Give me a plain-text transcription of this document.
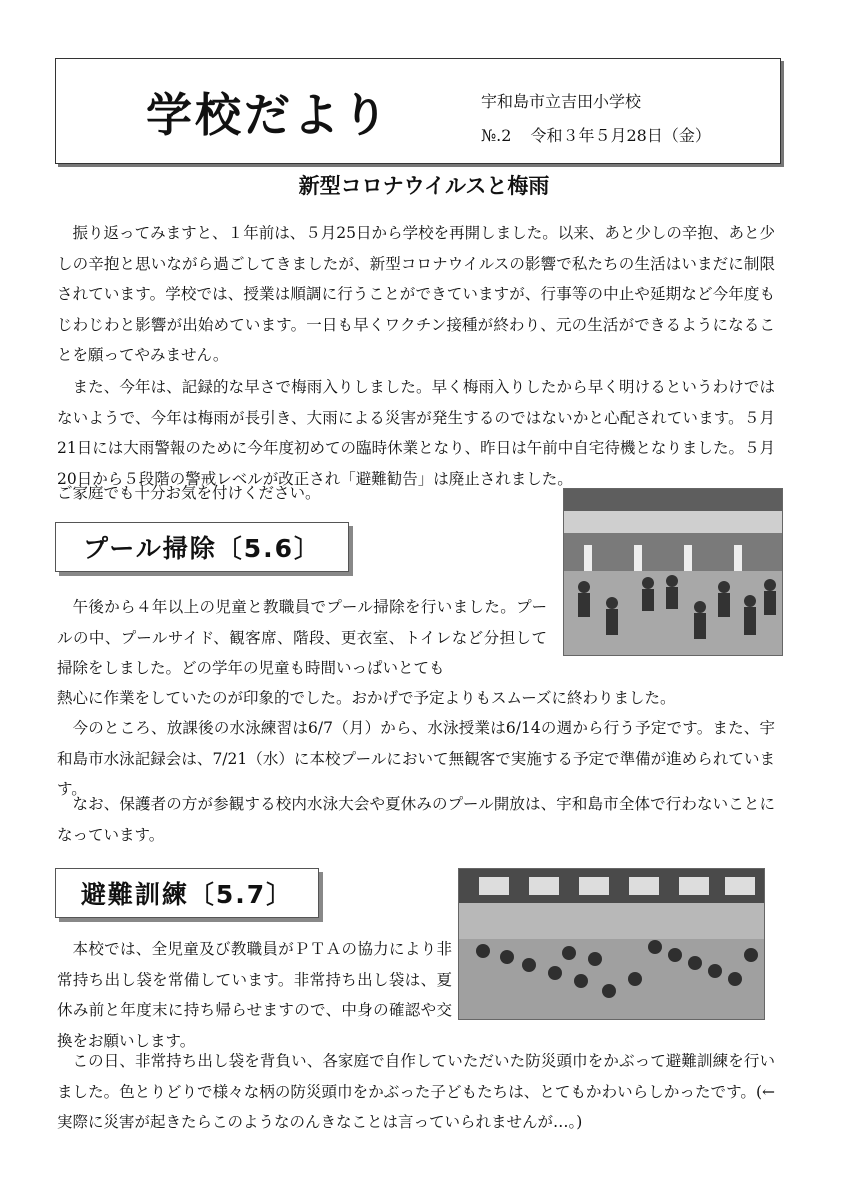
学校だより	宇和島市立吉田小学校
№.2 令和３年５月28日（金）
新型コロナウイルスと梅雨

振り返ってみますと、１年前は、５月25日から学校を再開しました。以来、あと少しの辛抱、あと少しの辛抱と思いながら過ごしてきましたが、新型コロナウイルスの影響で私たちの生活はいまだに制限されています。学校では、授業は順調に行うことができていますが、行事等の中止や延期など今年度もじわじわと影響が出始めています。一日も早くワクチン接種が終わり、元の生活ができるようになることを願ってやみません。

また、今年は、記録的な早さで梅雨入りしました。早く梅雨入りしたから早く明けるというわけではないようで、今年は梅雨が長引き、大雨による災害が発生するのではないかと心配されています。５月21日には大雨警報のために今年度初めての臨時休業となり、昨日は午前中自宅待機となりました。５月20日から５段階の警戒レベルが改正され「避難勧告」は廃止されました。

ご家庭でも十分お気を付けください。

プール掃除〔5.6〕

午後から４年以上の児童と教職員でプール掃除を行いました。プールの中、プールサイド、観客席、階段、更衣室、トイレなど分担して掃除をしました。どの学年の児童も時間いっぱいとても

熱心に作業をしていたのが印象的でした。おかげで予定よりもスムーズに終わりました。

今のところ、放課後の水泳練習は6/7（月）から、水泳授業は6/14の週から行う予定です。また、宇和島市水泳記録会は、7/21（水）に本校プールにおいて無観客で実施する予定で準備が進められています。

なお、保護者の方が参観する校内水泳大会や夏休みのプール開放は、宇和島市全体で行わないことになっています。

避難訓練〔5.7〕

本校では、全児童及び教職員がＰＴＡの協力により非常持ち出し袋を常備しています。非常持ち出し袋は、夏休み前と年度末に持ち帰らせますので、中身の確認や交換をお願いします。

この日、非常持ち出し袋を背負い、各家庭で自作していただいた防災頭巾をかぶって避難訓練を行いました。色とりどりで様々な柄の防災頭巾をかぶった子どもたちは、とてもかわいらしかったです。(←実際に災害が起きたらこのようなのんきなことは言っていられませんが…。)
